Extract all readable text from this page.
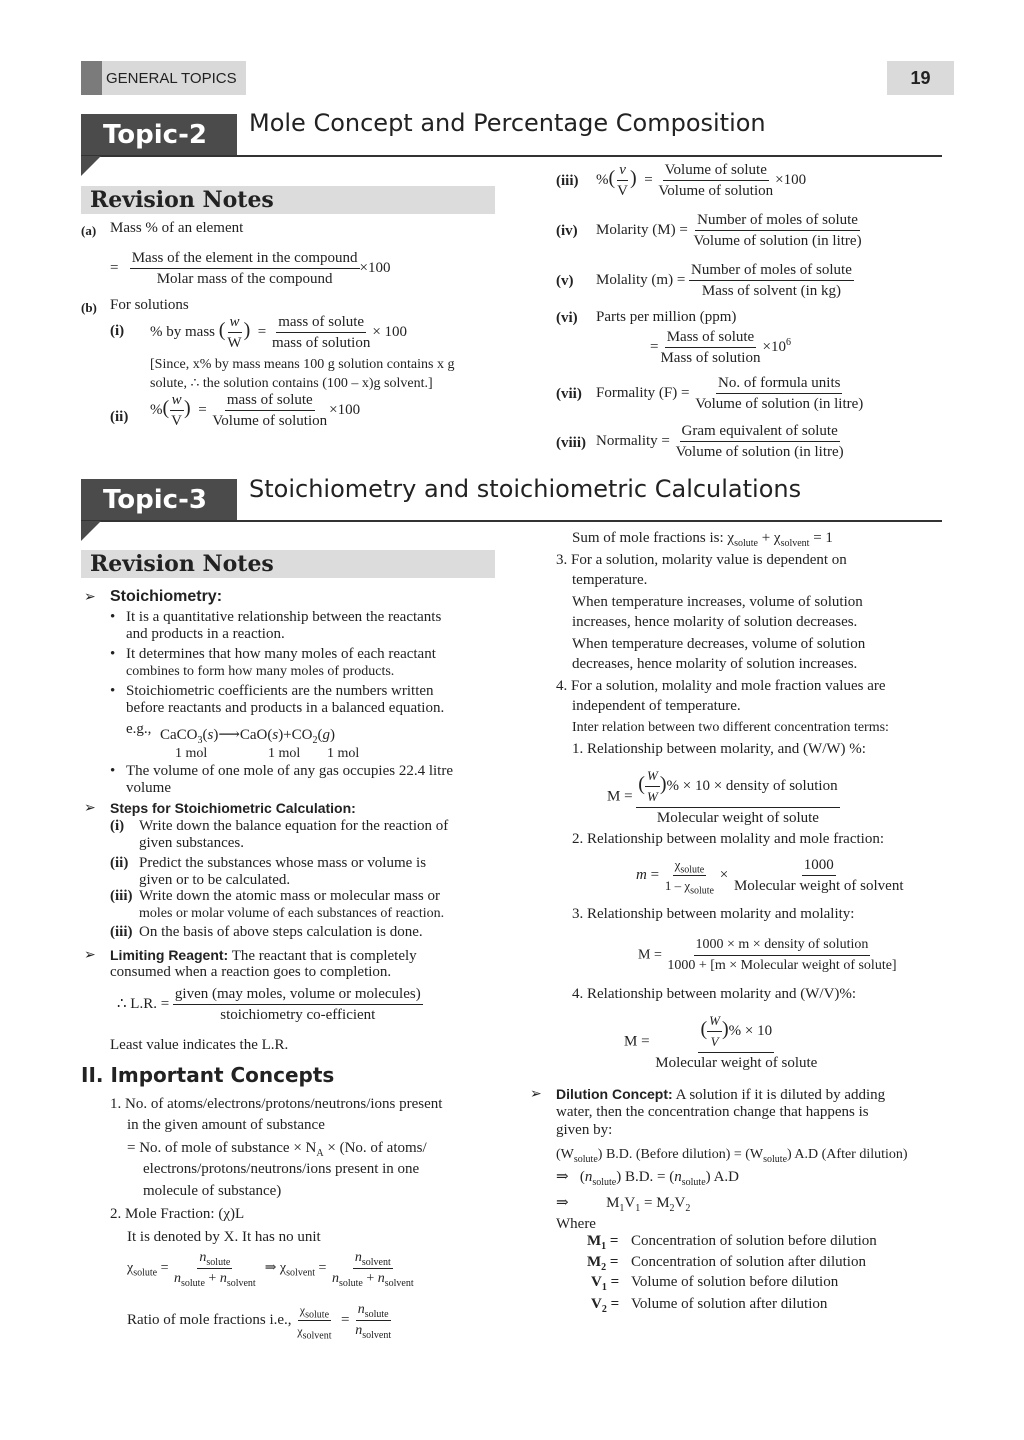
GENERAL TOPICS	19
Topic-2	Mole Concept and Percentage Composition
Revision Notes
(a) Mass % of an element
= $\frac{\text{Mass of the element in the compound}}{\text{Molar mass of the compound}} \times 100$
(b) For solutions
(i) % by mass ( $\frac{w}{W}$ )  = $\frac{\text{mass of solute}}{\text{mass of solution}} \times 100$
[Since, x% by mass means 100 g solution contains x g
solute, ∴ the solution contains (100 – x)g solvent.]
(ii) %( $\frac{w}{V}$ )  = $\frac{\text{mass of solute}}{\text{Volume of solution}} \times 100$
(iii) %( $\frac{v}{V}$ )  = $\frac{\text{Volume of solute}}{\text{Volume of solution}} \times 100$
(iv) Molarity $(M) = \frac{\text{Number of moles of solute}}{\text{Volume of solution (in litre)}}$
(v) Molality $(m) = \frac{\text{Number of moles of solute}}{\text{Mass of solvent (in kg)}}$
(vi) Parts per million (ppm)
= $\frac{\text{Mass of solute}}{\text{Mass of solution}} \times 10^6$
(vii) Formality $(F) = \frac{\text{No. of formula units}}{\text{Volume of solution (in litre)}}$
(viii) Normality = $\frac{\text{Gram equivalent of solute}}{\text{Volume of solution (in litre)}}$
Topic-3	Stoichiometry and stoichiometric Calculations
Revision Notes
➢ Stoichiometry:
• It is a quantitative relationship between the reactants
and products in a reaction.
• It determines that how many moles of each reactant
combines to form how many moles of products.
• Stoichiometric coefficients are the numbers written
before reactants and products in a balanced equation.
e.g., $CaCO_3(s)⟶CaO(s)+CO_2(g)$
1 mol	1 mol 1 mol
• The volume of one mole of any gas occupies 22.4 litre
volume
➢ Steps for Stoichiometric Calculation:
(i) Write down the balance equation for the reaction of
given substances.
(ii) Predict the substances whose mass or volume is
given or to be calculated.
(iii) Write down the atomic mass or molecular mass or
moles or molar volume of each substances of reaction.
(iii) On the basis of above steps calculation is done.
➢ Limiting Reagent: The reactant that is completely
consumed when a reaction goes to completion.
∴ L.R. = $\frac{\text{given (may moles, volume or molecules)}}{\text{stoichiometry co-efficient}}$
Least value indicates the L.R.
II. Important Concepts
1. No. of atoms/electrons/protons/neutrons/ions present
in the given amount of substance
= No. of mole of substance × $N_A \times (No$. of atoms/
electrons/protons/neutrons/ions present in one
molecule of substance)
2. Mole Fraction: (χ)L
It is denoted by X. It has no unit
$\chi_{solute} = \frac{n_{solute}}{n_{solute} + n_{solvent}}$ ⇒ $\chi_{solvent} = \frac{n_{solvent}}{n_{solute} + n_{solvent}}$
Ratio of mole fractions i.e., $\frac{\chi_{solute}}{\chi_{solvent}} = \frac{n_{solute}}{n_{solvent}}$
Sum of mole fractions is: $\chi_{solute} + \chi_{solvent} = 1$
3. For a solution, molarity value is dependent on
temperature.
When temperature increases, volume of solution
increases, hence molarity of solution decreases.
When temperature decreases, volume of solution
decreases, hence molarity of solution increases.
4. For a solution, molality and mole fraction values are
independent of temperature.
Inter relation between two different concentration terms:
1. Relationship between molarity, and (W/W) %:
$M = \frac{( \frac{W}{W} )\% \times 10 \times density of solution}{\text{Molecular weight of solute}}$
2. Relationship between molality and mole fraction:
$m = \frac{\chi_{solute}}{1 - \chi_{solute}} \times \frac{1000}{\text{Molecular weight of solvent}}$
3. Relationship between molarity and molality:
$M = \frac{\text{1000 × m × density of solution}}{\text{1000 + [m × Molecular weight of solute]}}$
4. Relationship between molarity and (W/V)%:
$M = \frac{( \frac{W}{V} )\% \times 10}{\text{Molecular weight of solute}}$
➢ Dilution Concept: A solution if it is diluted by adding
water, then the concentration change that happens is
given by:
$(W_{solute})$ B.D. (Before dilution) = $(W_{solute})$ A.D (After dilution)
⇒   $(n_{solute}) B.D$. = $(n_{solute})$ A.D
⇒          $M_1V_1 = M_2V_2$
Where
$M_1$ = Concentration of solution before dilution
$M_2$ = Concentration of solution after dilution
$V_1$ = Volume of solution before dilution
$V_2$ = Volume of solution after dilution
